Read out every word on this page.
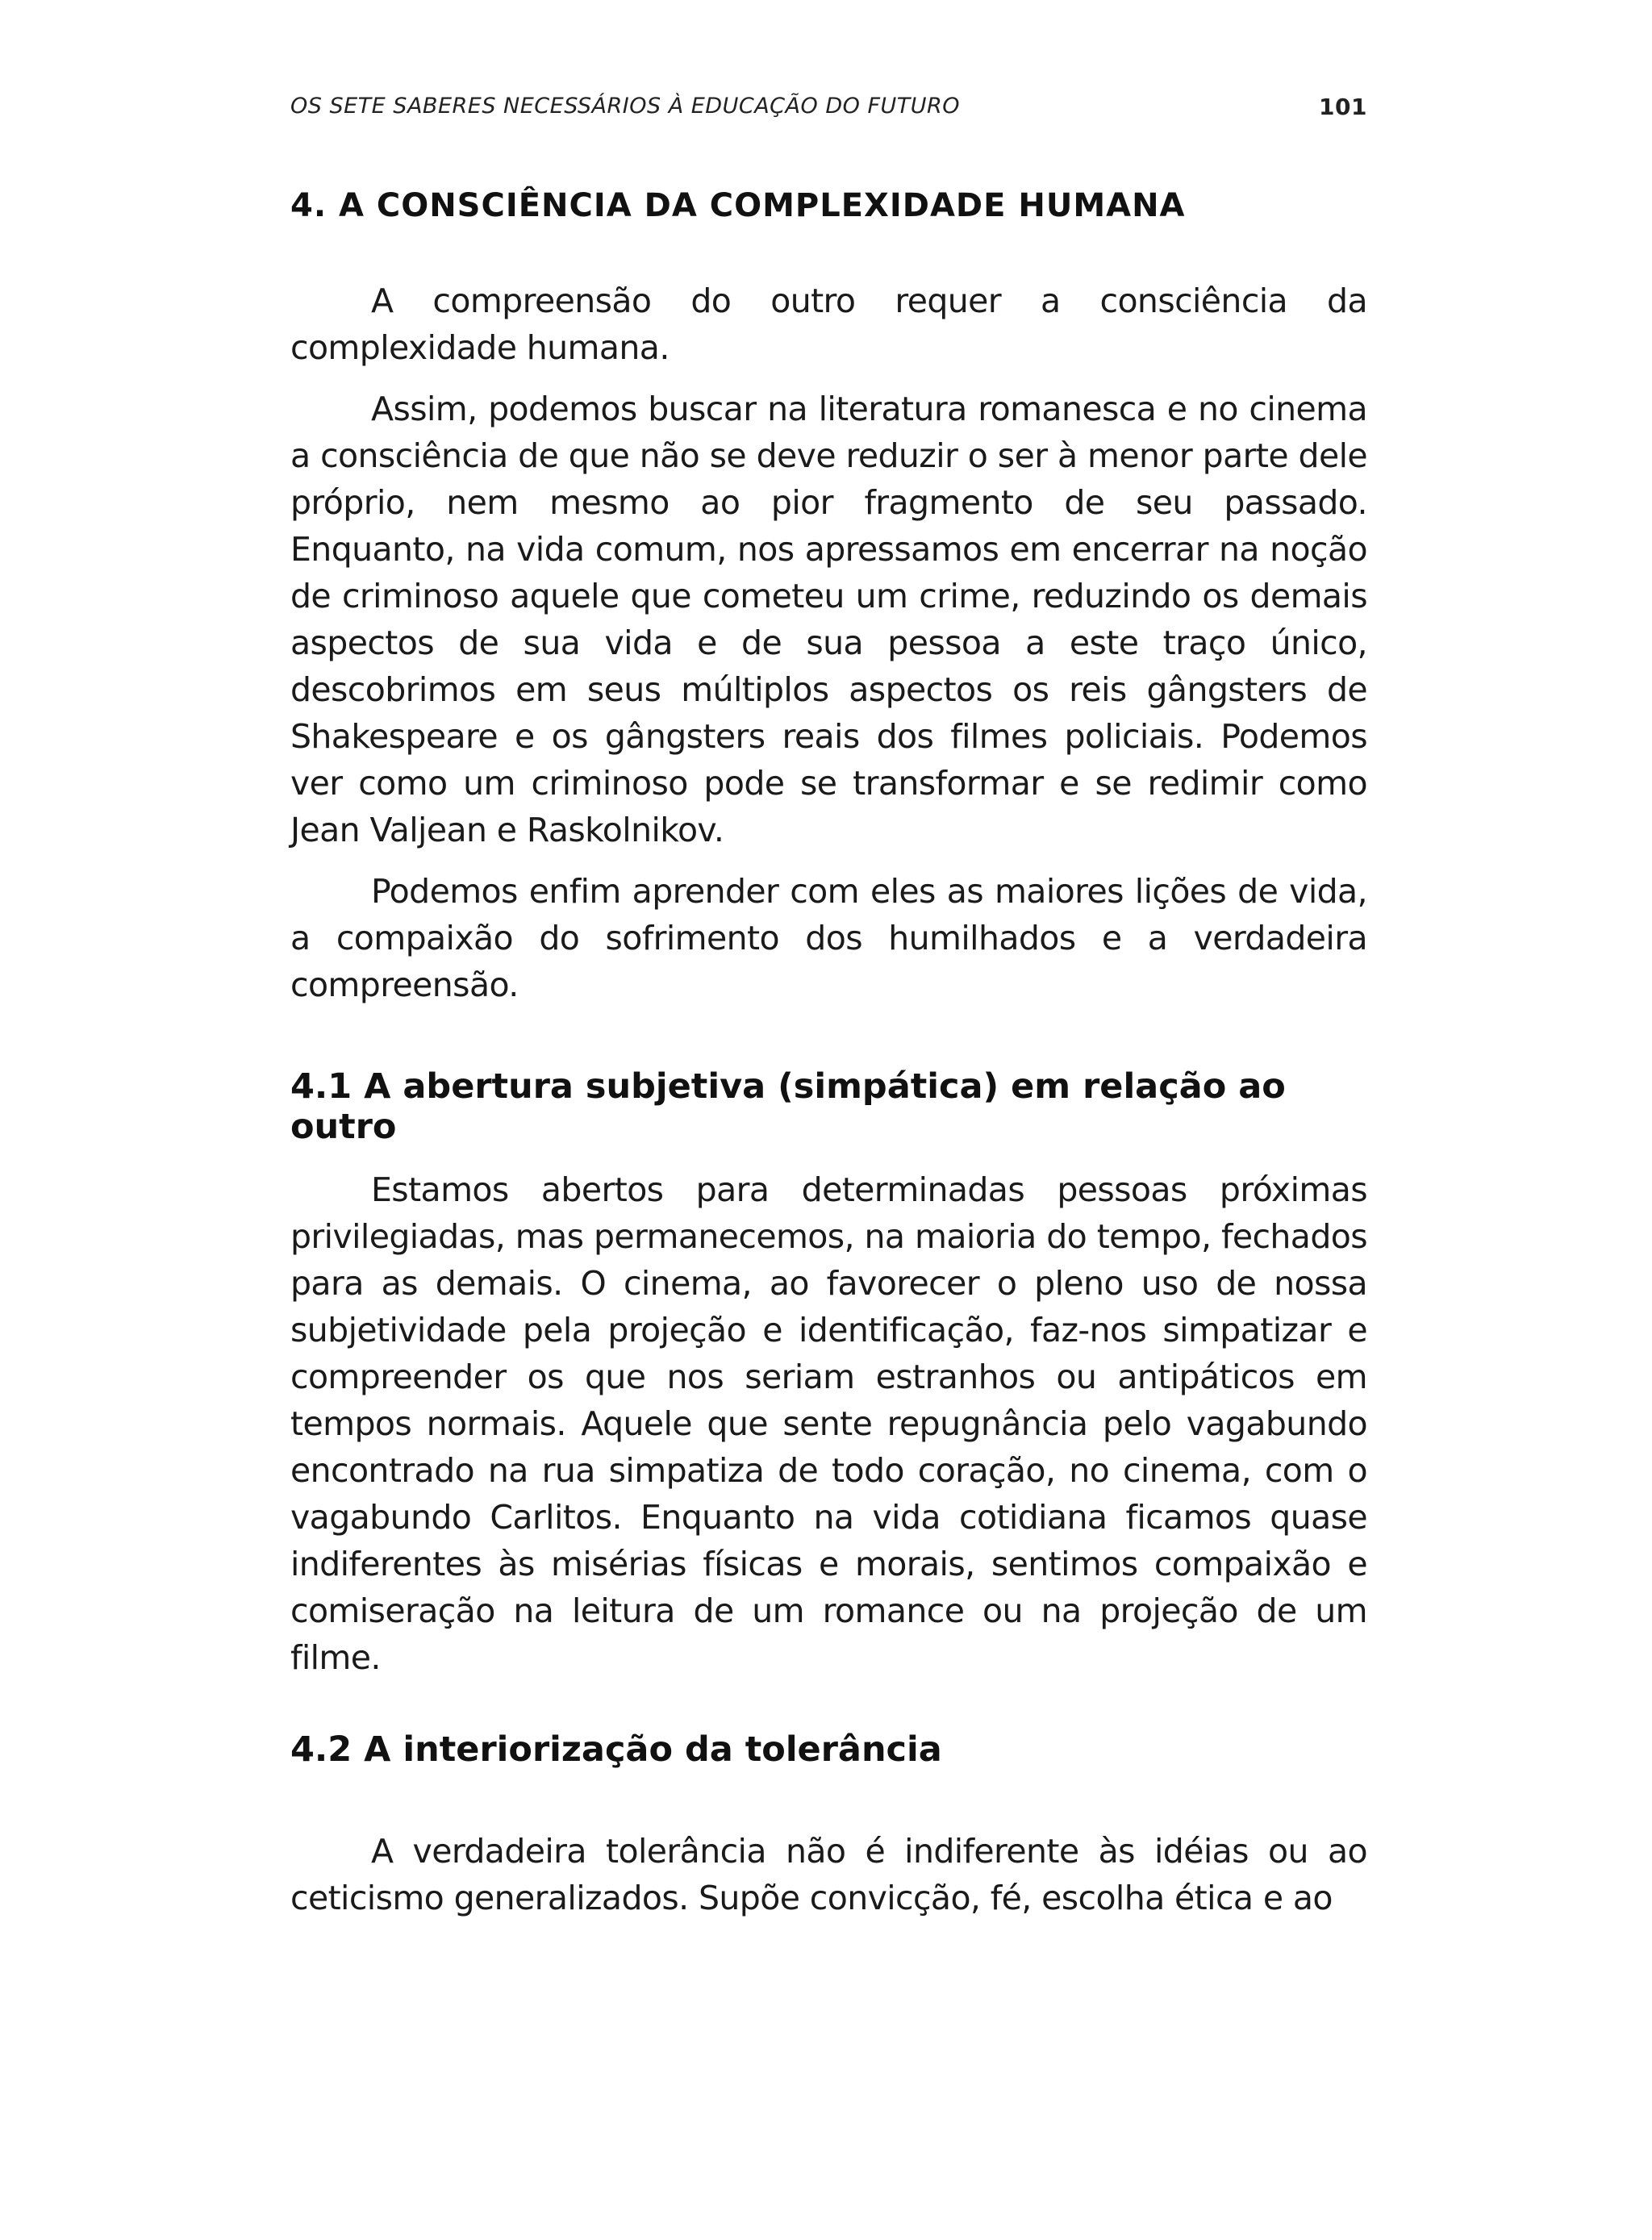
OS SETE SABERES NECESSÁRIOS À EDUCAÇÃO DO FUTURO	101
4. A CONSCIÊNCIA DA COMPLEXIDADE HUMANA

A compreensão do outro requer a consciência da complexidade humana.

Assim, podemos buscar na literatura romanesca e no cinema a consciência de que não se deve reduzir o ser à menor parte dele próprio, nem mesmo ao pior fragmento de seu passado. Enquanto, na vida comum, nos apressamos em encerrar na noção de criminoso aquele que cometeu um crime, reduzindo os demais aspectos de sua vida e de sua pessoa a este traço único, descobrimos em seus múltiplos aspectos os reis gângsters de Shakespeare e os gângsters reais dos filmes policiais. Podemos ver como um criminoso pode se transformar e se redimir como Jean Valjean e Raskolnikov.

Podemos enfim aprender com eles as maiores lições de vida, a compaixão do sofrimento dos humilhados e a verdadeira compreensão.

4.1 A abertura subjetiva (simpática) em relação ao outro

Estamos abertos para determinadas pessoas próximas privilegiadas, mas permanecemos, na maioria do tempo, fechados para as demais. O cinema, ao favorecer o pleno uso de nossa subjetividade pela projeção e identificação, faz-nos simpatizar e compreender os que nos seriam estranhos ou antipáticos em tempos normais. Aquele que sente repugnância pelo vagabundo encontrado na rua simpatiza de todo coração, no cinema, com o vagabundo Carlitos. Enquanto na vida cotidiana ficamos quase indiferentes às misérias físicas e morais, sentimos compaixão e comiseração na leitura de um romance ou na projeção de um filme.

4.2 A interiorização da tolerância

A verdadeira tolerância não é indiferente às idéias ou ao ceticismo generalizados. Supõe convicção, fé, escolha ética e ao
